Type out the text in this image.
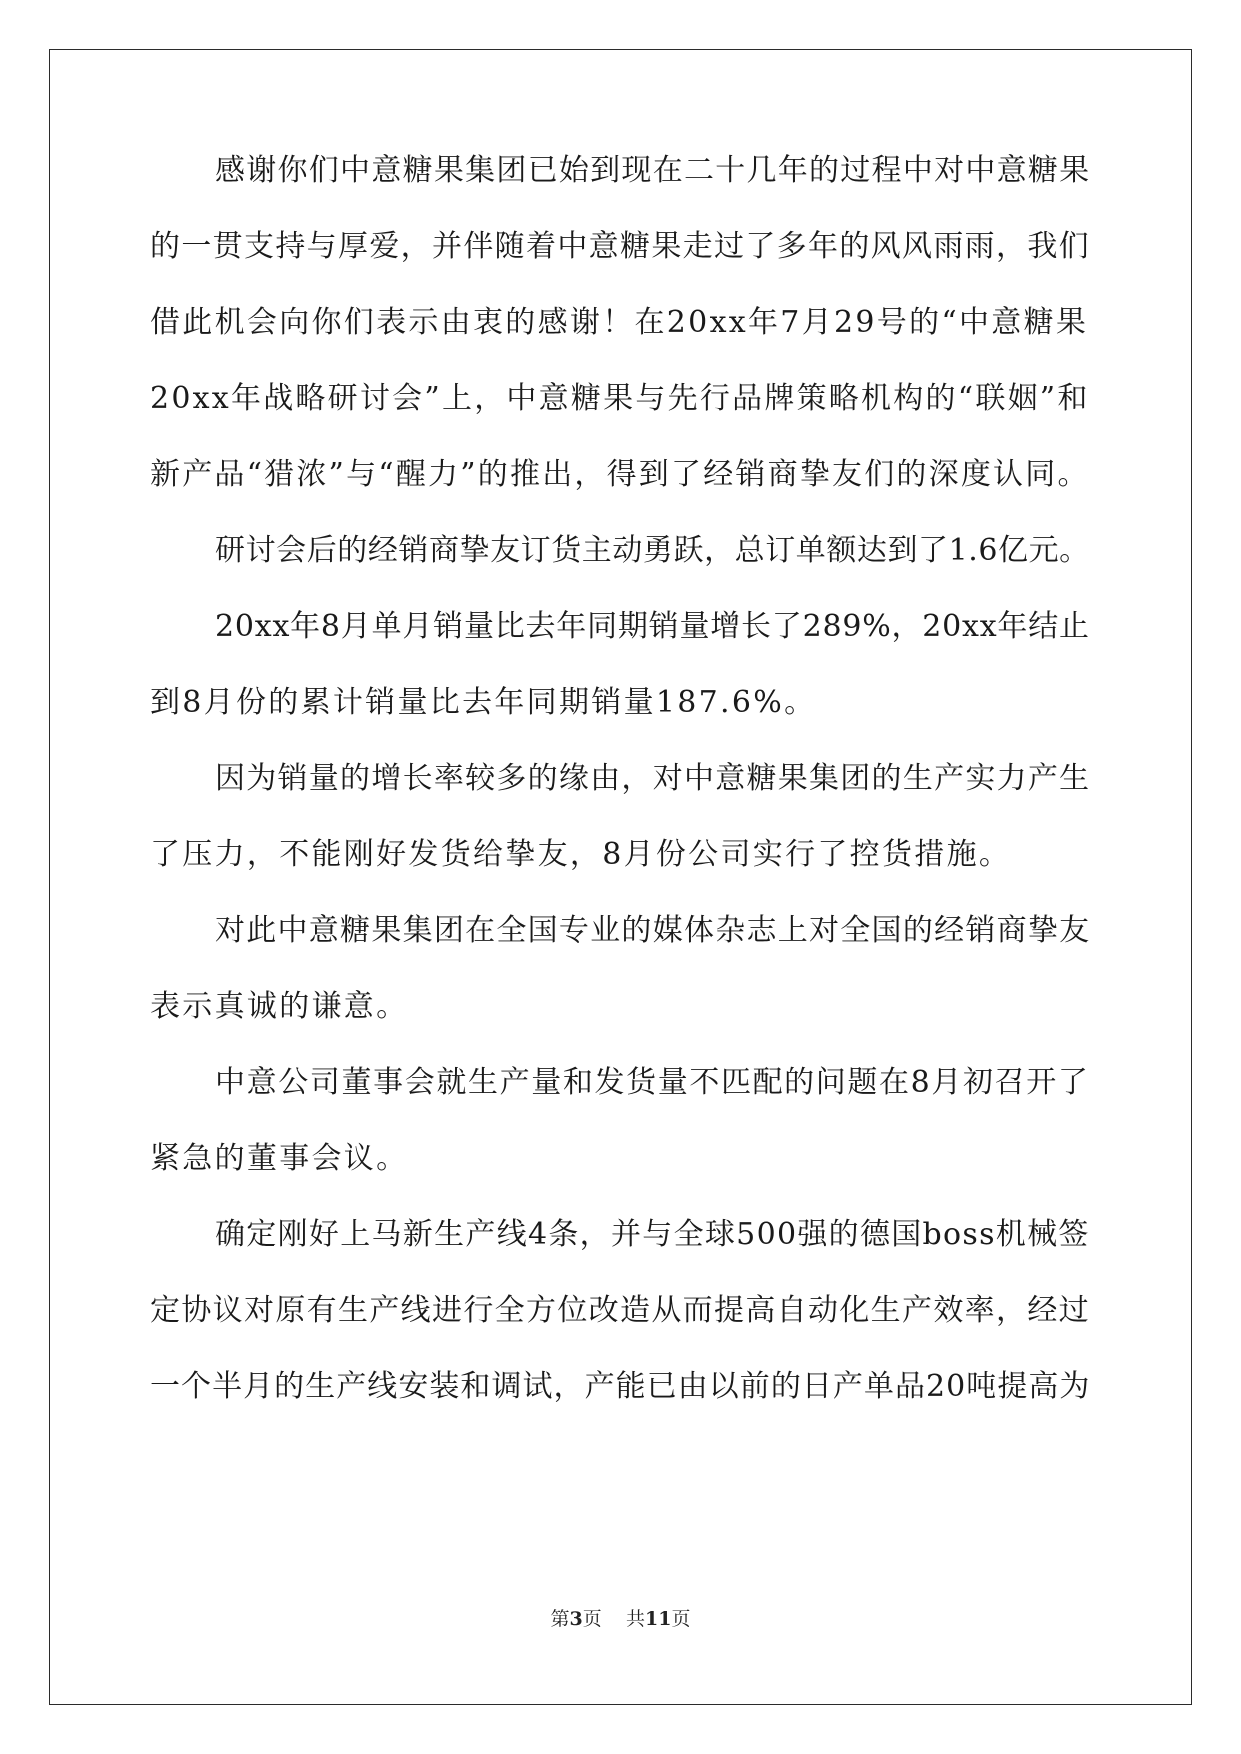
感谢你们中意糖果集团已始到现在二十几年的过程中对中意糖果
的一贯支持与厚爱，并伴随着中意糖果走过了多年的风风雨雨，我们
借此机会向你们表示由衷的感谢！在20xx年7月29号的“中意糖果
20xx年战略研讨会”上，中意糖果与先行品牌策略机构的“联姻”和
新产品“猎浓”与“醒力”的推出，得到了经销商挚友们的深度认同。
研讨会后的经销商挚友订货主动勇跃，总订单额达到了1.6亿元。
20xx年8月单月销量比去年同期销量增长了289%，20xx年结止
到8月份的累计销量比去年同期销量187.6%。
因为销量的增长率较多的缘由，对中意糖果集团的生产实力产生
了压力，不能刚好发货给挚友，8月份公司实行了控货措施。
对此中意糖果集团在全国专业的媒体杂志上对全国的经销商挚友
表示真诚的谦意。
中意公司董事会就生产量和发货量不匹配的问题在8月初召开了
紧急的董事会议。
确定刚好上马新生产线4条，并与全球500强的德国boss机械签
定协议对原有生产线进行全方位改造从而提高自动化生产效率，经过
一个半月的生产线安装和调试，产能已由以前的日产单品20吨提高为
第3页 共11页
